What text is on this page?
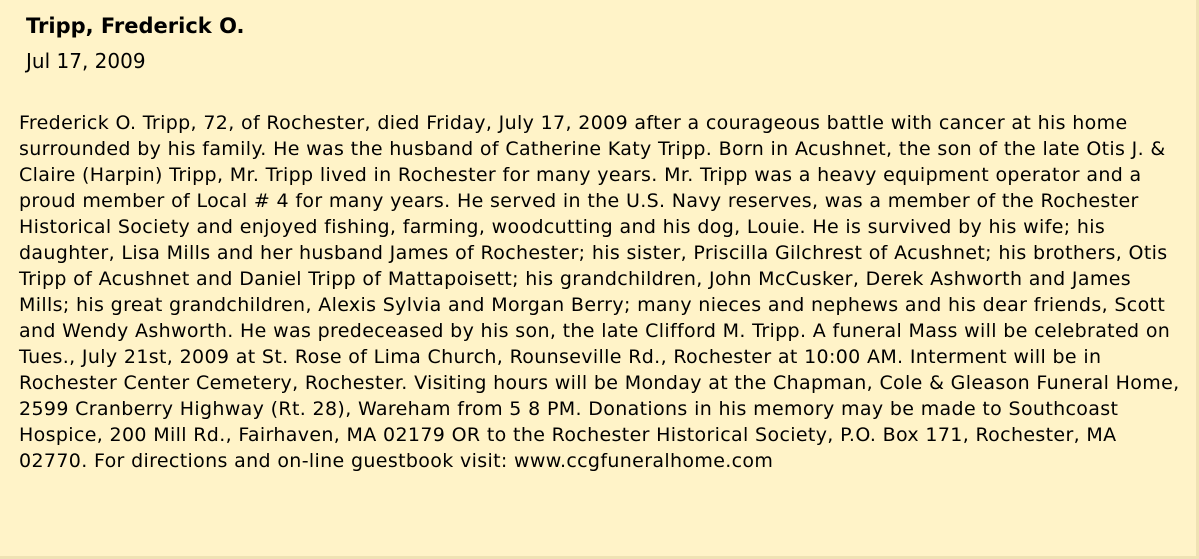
Tripp, Frederick O.
Jul 17, 2009

Frederick O. Tripp, 72, of Rochester, died Friday, July 17, 2009 after a courageous battle with cancer at his home surrounded by his family. He was the husband of Catherine Katy Tripp. Born in Acushnet, the son of the late Otis J. & Claire (Harpin) Tripp, Mr. Tripp lived in Rochester for many years. Mr. Tripp was a heavy equipment operator and a proud member of Local # 4 for many years. He served in the U.S. Navy reserves, was a member of the Rochester Historical Society and enjoyed fishing, farming, woodcutting and his dog, Louie. He is survived by his wife; his daughter, Lisa Mills and her husband James of Rochester; his sister, Priscilla Gilchrest of Acushnet; his brothers, Otis Tripp of Acushnet and Daniel Tripp of Mattapoisett; his grandchildren, John McCusker, Derek Ashworth and James Mills; his great grandchildren, Alexis Sylvia and Morgan Berry; many nieces and nephews and his dear friends, Scott and Wendy Ashworth. He was predeceased by his son, the late Clifford M. Tripp. A funeral Mass will be celebrated on Tues., July 21st, 2009 at St. Rose of Lima Church, Rounseville Rd., Rochester at 10:00 AM. Interment will be in Rochester Center Cemetery, Rochester. Visiting hours will be Monday at the Chapman, Cole & Gleason Funeral Home, 2599 Cranberry Highway (Rt. 28), Wareham from 5 8 PM. Donations in his memory may be made to Southcoast Hospice, 200 Mill Rd., Fairhaven, MA 02179 OR to the Rochester Historical Society, P.O. Box 171, Rochester, MA 02770. For directions and on-line guestbook visit: www.ccgfuneralhome.com
